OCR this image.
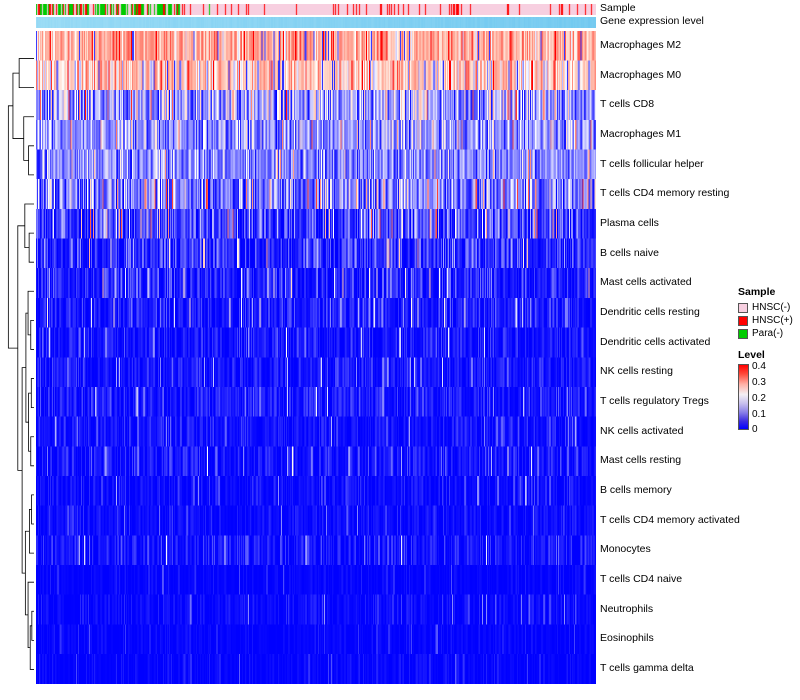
Sample
Gene expression level
Macrophages M2
Macrophages M0
T cells CD8
Macrophages M1
T cells follicular helper
T cells CD4 memory resting
Plasma cells
B cells naive
Mast cells activated
Dendritic cells resting
Dendritic cells activated
NK cells resting
T cells regulatory Tregs
NK cells activated
Mast cells resting
B cells memory
T cells CD4 memory activated
Monocytes
T cells CD4 naive
Neutrophils
Eosinophils
T cells gamma delta
Sample
HNSC(-)
HNSC(+)
Para(-)
Level
0.4
0.3
0.2
0.1
0
